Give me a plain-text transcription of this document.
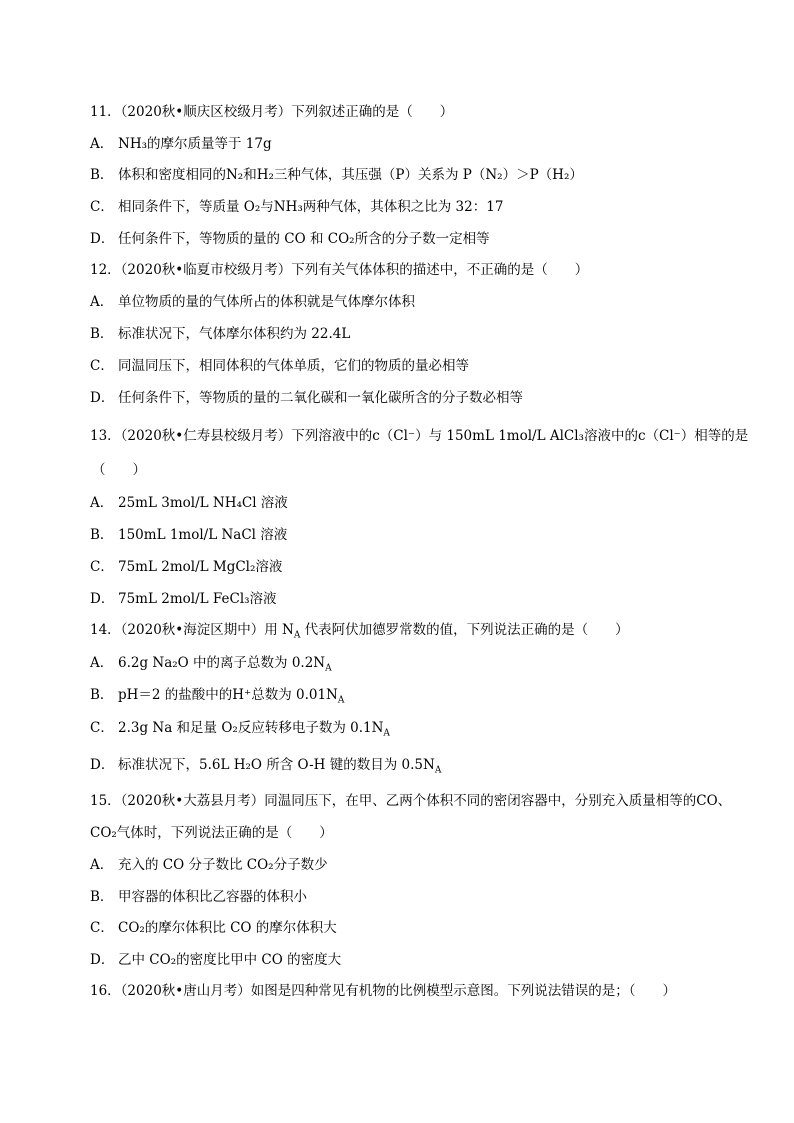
11．（2020秋•顺庆区校级月考）下列叙述正确的是（　　）
A． NH₃的摩尔质量等于 17g
B． 体积和密度相同的N₂和H₂三种气体，其压强（P）关系为 P（N₂）＞P（H₂）
C． 相同条件下，等质量 O₂与NH₃两种气体，其体积之比为 32：17
D． 任何条件下，等物质的量的 CO 和 CO₂所含的分子数一定相等
12．（2020秋•临夏市校级月考）下列有关气体体积的描述中，不正确的是（　　）
A． 单位物质的量的气体所占的体积就是气体摩尔体积
B． 标准状况下，气体摩尔体积约为 22.4L
C． 同温同压下，相同体积的气体单质，它们的物质的量必相等
D． 任何条件下，等物质的量的二氧化碳和一氧化碳所含的分子数必相等
13．（2020秋•仁寿县校级月考）下列溶液中的c（Cl⁻）与 150mL 1mol/L AlCl₃溶液中的c（Cl⁻）相等的是
（　　）
A． 25mL 3mol/L NH₄Cl 溶液
B． 150mL 1mol/L NaCl 溶液
C． 75mL 2mol/L MgCl₂溶液
D． 75mL 2mol/L FeCl₃溶液
14．（2020秋•海淀区期中）用 $N_A$ 代表阿伏加德罗常数的值，下列说法正确的是（　　）
A． 6.2g Na₂O 中的离子总数为 $0.2N_A$
B． pH＝2 的盐酸中的H⁺总数为 $0.01N_A$
C． 2.3g Na 和足量 O₂反应转移电子数为 $0.1N_A$
D． 标准状况下，5.6L H₂O 所含 O-H 键的数目为 $0.5N_A$
15．（2020秋•大荔县月考）同温同压下，在甲、乙两个体积不同的密闭容器中，分别充入质量相等的CO、
CO₂气体时，下列说法正确的是（　　）
A． 充入的 CO 分子数比 CO₂分子数少
B． 甲容器的体积比乙容器的体积小
C． CO₂的摩尔体积比 CO 的摩尔体积大
D． 乙中 CO₂的密度比甲中 CO 的密度大
16．（2020秋•唐山月考）如图是四种常见有机物的比例模型示意图。下列说法错误的是；（　　）
